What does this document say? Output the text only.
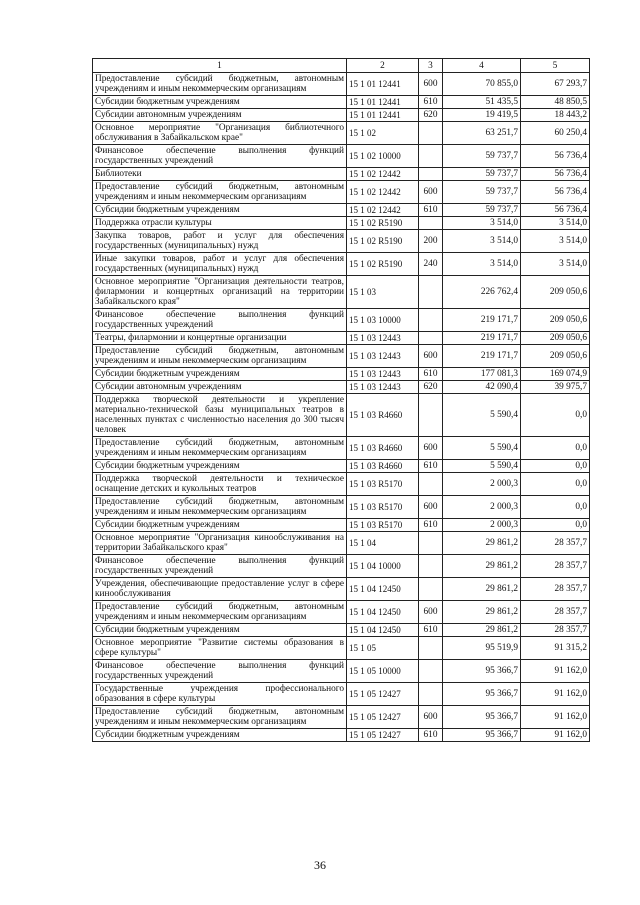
1	2	3	4	5
Предоставление субсидий бюджетным, автономным учреждениям и иным некоммерческим организациям	15 1 01 12441	600	70 855,0	67 293,7
Субсидии бюджетным учреждениям	15 1 01 12441	610	51 435,5	48 850,5
Субсидии автономным учреждениям	15 1 01 12441	620	19 419,5	18 443,2
Основное мероприятие "Организация библиотечного обслуживания в Забайкальском крае"	15 1 02		63 251,7	60 250,4
Финансовое обеспечение выполнения функций государственных учреждений	15 1 02 10000		59 737,7	56 736,4
Библиотеки	15 1 02 12442		59 737,7	56 736,4
Предоставление субсидий бюджетным, автономным учреждениям и иным некоммерческим организациям	15 1 02 12442	600	59 737,7	56 736,4
Субсидии бюджетным учреждениям	15 1 02 12442	610	59 737,7	56 736,4
Поддержка отрасли культуры	15 1 02 R5190		3 514,0	3 514,0
Закупка товаров, работ и услуг для обеспечения государственных (муниципальных) нужд	15 1 02 R5190	200	3 514,0	3 514,0
Иные закупки товаров, работ и услуг для обеспечения государственных (муниципальных) нужд	15 1 02 R5190	240	3 514,0	3 514,0
Основное мероприятие "Организация деятельности театров, филармонии и концертных организаций на территории Забайкальского края"	15 1 03		226 762,4	209 050,6
Финансовое обеспечение выполнения функций государственных учреждений	15 1 03 10000		219 171,7	209 050,6
Театры, филармонии и концертные организации	15 1 03 12443		219 171,7	209 050,6
Предоставление субсидий бюджетным, автономным учреждениям и иным некоммерческим организациям	15 1 03 12443	600	219 171,7	209 050,6
Субсидии бюджетным учреждениям	15 1 03 12443	610	177 081,3	169 074,9
Субсидии автономным учреждениям	15 1 03 12443	620	42 090,4	39 975,7
Поддержка творческой деятельности и укрепление материально-технической базы муниципальных театров в населенных пунктах с численностью населения до 300 тысяч человек	15 1 03 R4660		5 590,4	0,0
Предоставление субсидий бюджетным, автономным учреждениям и иным некоммерческим организациям	15 1 03 R4660	600	5 590,4	0,0
Субсидии бюджетным учреждениям	15 1 03 R4660	610	5 590,4	0,0
Поддержка творческой деятельности и техническое оснащение детских и кукольных театров	15 1 03 R5170		2 000,3	0,0
Предоставление субсидий бюджетным, автономным учреждениям и иным некоммерческим организациям	15 1 03 R5170	600	2 000,3	0,0
Субсидии бюджетным учреждениям	15 1 03 R5170	610	2 000,3	0,0
Основное мероприятие "Организация кинообслуживания на территории Забайкальского края"	15 1 04		29 861,2	28 357,7
Финансовое обеспечение выполнения функций государственных учреждений	15 1 04 10000		29 861,2	28 357,7
Учреждения, обеспечивающие предоставление услуг в сфере кинообслуживания	15 1 04 12450		29 861,2	28 357,7
Предоставление субсидий бюджетным, автономным учреждениям и иным некоммерческим организациям	15 1 04 12450	600	29 861,2	28 357,7
Субсидии бюджетным учреждениям	15 1 04 12450	610	29 861,2	28 357,7
Основное мероприятие "Развитие системы образования в сфере культуры"	15 1 05		95 519,9	91 315,2
Финансовое обеспечение выполнения функций государственных учреждений	15 1 05 10000		95 366,7	91 162,0
Государственные учреждения профессионального образования в сфере культуры	15 1 05 12427		95 366,7	91 162,0
Предоставление субсидий бюджетным, автономным учреждениям и иным некоммерческим организациям	15 1 05 12427	600	95 366,7	91 162,0
Субсидии бюджетным учреждениям	15 1 05 12427	610	95 366,7	91 162,0
36
